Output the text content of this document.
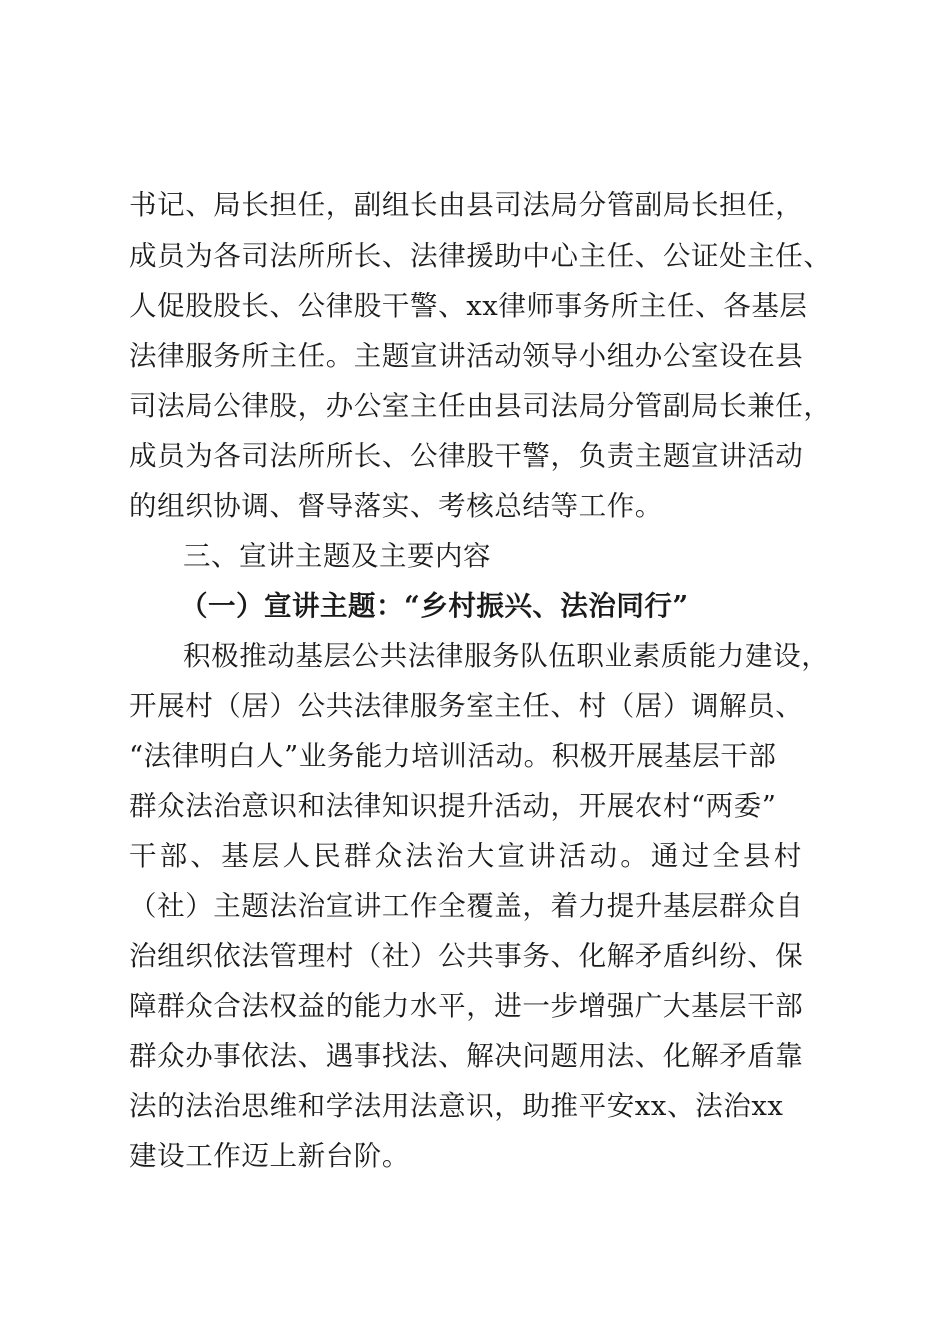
书记、局长担任，副组长由县司法局分管副局长担任，
成员为各司法所所长、法律援助中心主任、公证处主任、
人促股股长、公律股干警、xx律师事务所主任、各基层
法律服务所主任。主题宣讲活动领导小组办公室设在县
司法局公律股，办公室主任由县司法局分管副局长兼任，
成员为各司法所所长、公律股干警，负责主题宣讲活动
的组织协调、督导落实、考核总结等工作。
三、宣讲主题及主要内容
（一）宣讲主题：“乡村振兴、法治同行”
积极推动基层公共法律服务队伍职业素质能力建设，
开展村（居）公共法律服务室主任、村（居）调解员、
“法律明白人”业务能力培训活动。积极开展基层干部
群众法治意识和法律知识提升活动，开展农村“两委”
干部、基层人民群众法治大宣讲活动。通过全县村
（社）主题法治宣讲工作全覆盖，着力提升基层群众自
治组织依法管理村（社）公共事务、化解矛盾纠纷、保
障群众合法权益的能力水平，进一步增强广大基层干部
群众办事依法、遇事找法、解决问题用法、化解矛盾靠
法的法治思维和学法用法意识，助推平安xx、法治xx
建设工作迈上新台阶。
